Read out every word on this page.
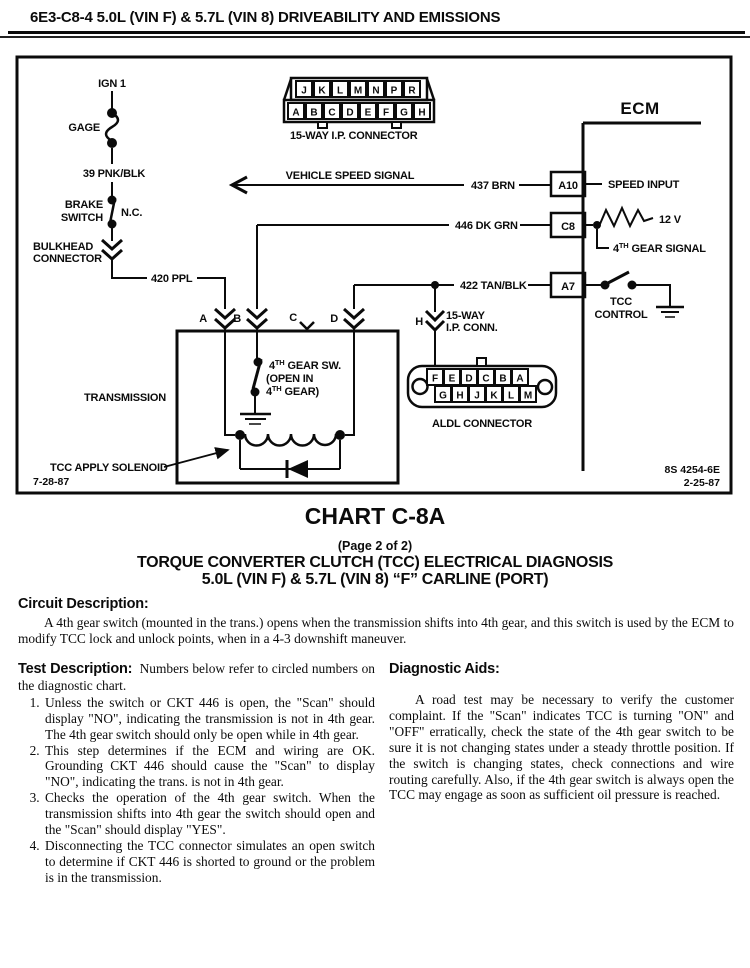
6E3-C8-4 5.0L (VIN F) & 5.7L (VIN 8) DRIVEABILITY AND EMISSIONS
IGN 1
GAGE
39 PNK/BLK
BRAKE
SWITCH N.C.
BULKHEAD
CONNECTOR
420 PPL
J K L M N P R
A B C D E F G H
15-WAY I.P. CONNECTOR
VEHICLE SPEED SIGNAL
437 BRN
446 DK GRN
422 TAN/BLK
H 15-WAY
I.P. CONN.
ECM
A10	SPEED INPUT
C8
12 V
4TH GEAR SIGNAL
A7
TCC
CONTROL
8S 4254-6E
2-25-87
A B	C	D
TRANSMISSION
4TH GEAR SW.
(OPEN IN
4TH GEAR)
TCC APPLY SOLENOID
7-28-87
F E D C B A
G H J K L M
ALDL CONNECTOR
CHART C-8A
(Page 2 of 2)
TORQUE CONVERTER CLUTCH (TCC) ELECTRICAL DIAGNOSIS
5.0L (VIN F) & 5.7L (VIN 8) “F” CARLINE (PORT)
Circuit Description:

A 4th gear switch (mounted in the trans.) opens when the transmission shifts into 4th gear, and this switch is used by the ECM to modify TCC lock and unlock points, when in a 4-3 downshift maneuver.

Test Description: Numbers below refer to circled numbers on the diagnostic chart.

1. Unless the switch or CKT 446 is open, the "Scan" should display "NO", indicating the transmission is not in 4th gear. The 4th gear switch should only be open while in 4th gear.
2. This step determines if the ECM and wiring are OK. Grounding CKT 446 should cause the "Scan" to display "NO", indicating the trans. is not in 4th gear.
3. Checks the operation of the 4th gear switch. When the transmission shifts into 4th gear the switch should open and the "Scan" should display "YES".
4. Disconnecting the TCC connector simulates an open switch to determine if CKT 446 is shorted to ground or the problem is in the transmission.
Diagnostic Aids:

A road test may be necessary to verify the customer complaint. If the "Scan" indicates TCC is turning "ON" and "OFF" erratically, check the state of the 4th gear switch to be sure it is not changing states under a steady throttle position. If the switch is changing states, check connections and wire routing carefully. Also, if the 4th gear switch is always open the TCC may engage as soon as sufficient oil pressure is reached.
